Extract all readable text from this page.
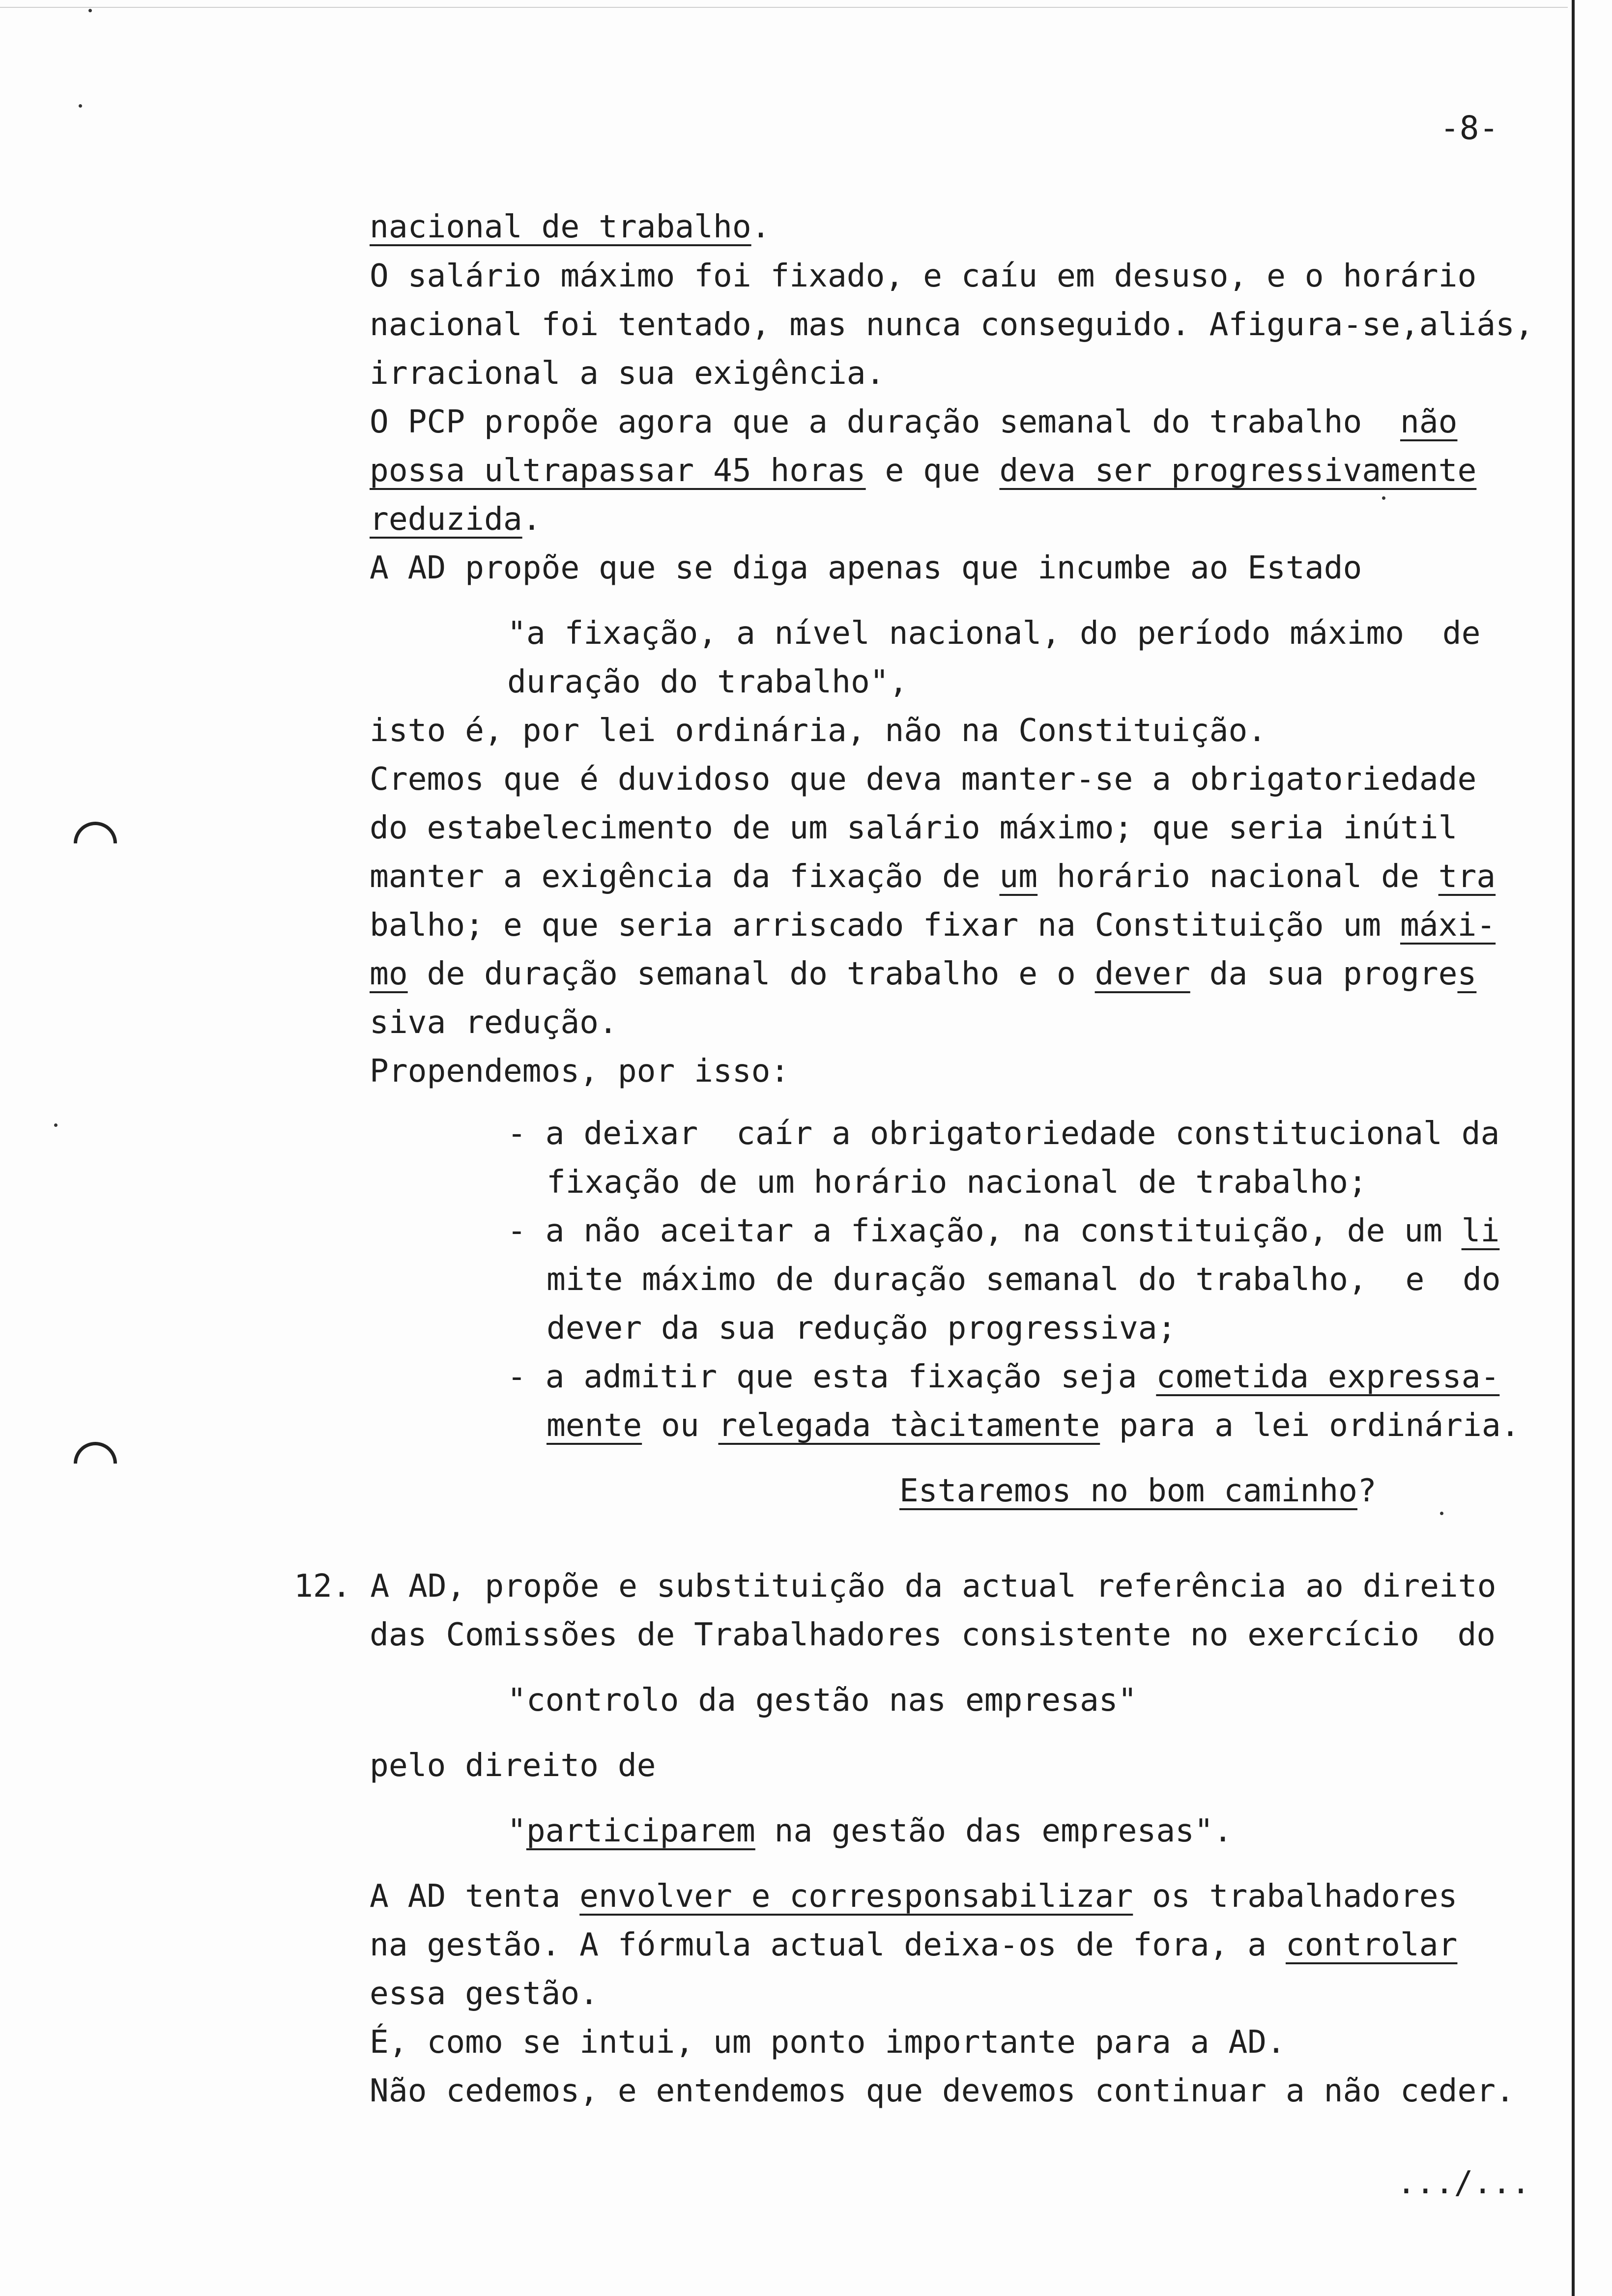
-8-
nacional de trabalho.
O salário máximo foi fixado, e caíu em desuso, e o horário
nacional foi tentado, mas nunca conseguido. Afigura-se,aliás,
irracional a sua exigência.
O PCP propõe agora que a duração semanal do trabalho  não
possa ultrapassar 45 horas e que deva ser progressivamente
reduzida.
A AD propõe que se diga apenas que incumbe ao Estado
"a fixação, a nível nacional, do período máximo  de
duração do trabalho",
isto é, por lei ordinária, não na Constituição.
Cremos que é duvidoso que deva manter-se a obrigatoriedade
do estabelecimento de um salário máximo; que seria inútil
manter a exigência da fixação de um horário nacional de tra
balho; e que seria arriscado fixar na Constituição um máxi-
mo de duração semanal do trabalho e o dever da sua progres
siva redução.
Propendemos, por isso:
- a deixar  caír a obrigatoriedade constitucional da
fixação de um horário nacional de trabalho;
- a não aceitar a fixação, na constituição, de um li
mite máximo de duração semanal do trabalho,  e  do
dever da sua redução progressiva;
- a admitir que esta fixação seja cometida expressa-
mente ou relegada tàcitamente para a lei ordinária.
Estaremos no bom caminho?
12. A AD, propõe e substituição da actual referência ao direito
das Comissões de Trabalhadores consistente no exercício  do
"controlo da gestão nas empresas"
pelo direito de
"participarem na gestão das empresas".
A AD tenta envolver e corresponsabilizar os trabalhadores
na gestão. A fórmula actual deixa-os de fora, a controlar
essa gestão.
É, como se intui, um ponto importante para a AD.
Não cedemos, e entendemos que devemos continuar a não ceder.
.../...
